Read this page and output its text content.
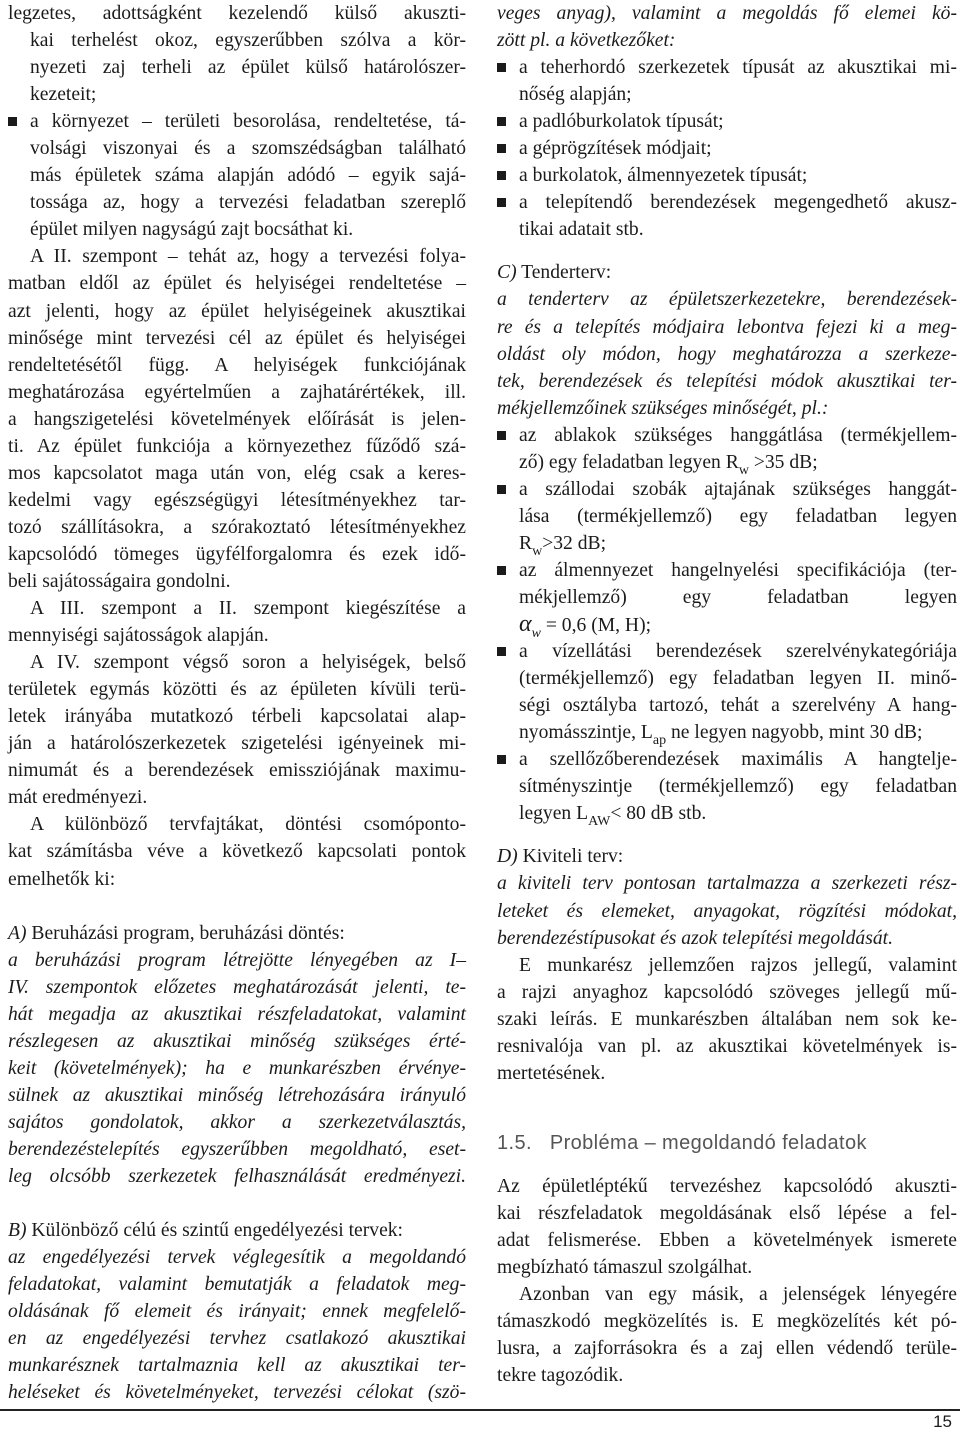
legzetes, adottságként kezelendő külső akuszti-
kai terhelést okoz, egyszerűbben szólva a kör-
nyezeti zaj terheli az épület külső határolószer-
kezeteit;
a környezet – területi besorolása, rendeltetése, tá-
volsági viszonyai és a szomszédságban található
más épületek száma alapján adódó – egyik sajá-
tossága az, hogy a tervezési feladatban szereplő
épület milyen nagyságú zajt bocsáthat ki.
A II. szempont – tehát az, hogy a tervezési folya-
matban eldől az épület és helyiségei rendeltetése –
azt jelenti, hogy az épület helyiségeinek akusztikai
minősége mint tervezési cél az épület és helyiségei
rendeltetésétől függ. A helyiségek funkciójának
meghatározása egyértelműen a zajhatárértékek, ill.
a hangszigetelési követelmények előírását is jelen-
ti. Az épület funkciója a környezethez fűződő szá-
mos kapcsolatot maga után von, elég csak a keres-
kedelmi vagy egészségügyi létesítményekhez tar-
tozó szállításokra, a szórakoztató létesítményekhez
kapcsolódó tömeges ügyfélforgalomra és ezek idő-
beli sajátosságaira gondolni.
A III. szempont a II. szempont kiegészítése a
mennyiségi sajátosságok alapján.
A IV. szempont végső soron a helyiségek, belső
területek egymás közötti és az épületen kívüli terü-
letek irányába mutatkozó térbeli kapcsolatai alap-
ján a határolószerkezetek szigetelési igényeinek mi-
nimumát és a berendezések emissziójának maximu-
mát eredményezi.
A különböző tervfajtákat, döntési csomóponto-
kat számításba véve a következő kapcsolati pontok
emelhetők ki:
A) Beruházási program, beruházási döntés:
a beruházási program létrejötte lényegében az I–
IV. szempontok előzetes meghatározását jelenti, te-
hát megadja az akusztikai részfeladatokat, valamint
részlegesen az akusztikai minőség szükséges érté-
keit (követelmények); ha e munkarészben érvénye-
sülnek az akusztikai minőség létrehozására irányuló
sajátos gondolatok, akkor a szerkezetválasztás,
berendezéstelepítés egyszerűbben megoldható, eset-
leg olcsóbb szerkezetek felhasználását eredményezi.
B) Különböző célú és szintű engedélyezési tervek:
az engedélyezési tervek véglegesítik a megoldandó
feladatokat, valamint bemutatják a feladatok meg-
oldásának fő elemeit és irányait; ennek megfelelő-
en az engedélyezési tervhez csatlakozó akusztikai
munkarésznek tartalmaznia kell az akusztikai ter-
heléseket és követelményeket, tervezési célokat (szö-
veges anyag), valamint a megoldás fő elemei kö-
zött pl. a következőket:
a teherhordó szerkezetek típusát az akusztikai mi-
nőség alapján;
a padlóburkolatok típusát;
a géprögzítések módjait;
a burkolatok, álmennyezetek típusát;
a telepítendő berendezések megengedhető akusz-
tikai adatait stb.
C) Tenderterv:
a tenderterv az épületszerkezetekre, berendezések-
re és a telepítés módjaira lebontva fejezi ki a meg-
oldást oly módon, hogy meghatározza a szerkeze-
tek, berendezések és telepítési módok akusztikai ter-
mékjellemzőinek szükséges minőségét, pl.:
az ablakok szükséges hanggátlása (termékjellem-
ző) egy feladatban legyen $R_w >35$ dB;
a szállodai szobák ajtajának szükséges hanggát-
lása (termékjellemző) egy feladatban legyen
$R_w>32$ dB;
az álmennyezet hangelnyelési specifikációja (ter-
mékjellemző) egy feladatban legyen
$\alpha_w = 0,6$ (M, H);
a vízellátási berendezések szerelvénykategóriája
(termékjellemző) egy feladatban legyen II. minő-
ségi osztályba tartozó, tehát a szerelvény A hang-
nyomásszintje, $L_{ap}$ ne legyen nagyobb, mint 30 dB;
a szellőzőberendezések maximális A hangtelje-
sítményszintje (termékjellemző) egy feladatban
legyen $L_{AW}< 80$ dB stb.
D) Kiviteli terv:
a kiviteli terv pontosan tartalmazza a szerkezeti rész-
leteket és elemeket, anyagokat, rögzítési módokat,
berendezéstípusokat és azok telepítési megoldását.
E munkarész jellemzően rajzos jellegű, valamint
a rajzi anyaghoz kapcsolódó szöveges jellegű mű-
szaki leírás. E munkarészben általában nem sok ke-
resnivalója van pl. az akusztikai követelmények is-
mertetésének.
1.5.   Probléma – megoldandó feladatok
Az épületléptékű tervezéshez kapcsolódó akuszti-
kai részfeladatok megoldásának első lépése a fel-
adat felismerése. Ebben a követelmények ismerete
megbízható támaszul szolgálhat.
Azonban van egy másik, a jelenségek lényegére
támaszkodó megközelítés is. E megközelítés két pó-
lusra, a zajforrásokra és a zaj ellen védendő terüle-
tekre tagozódik.
15
